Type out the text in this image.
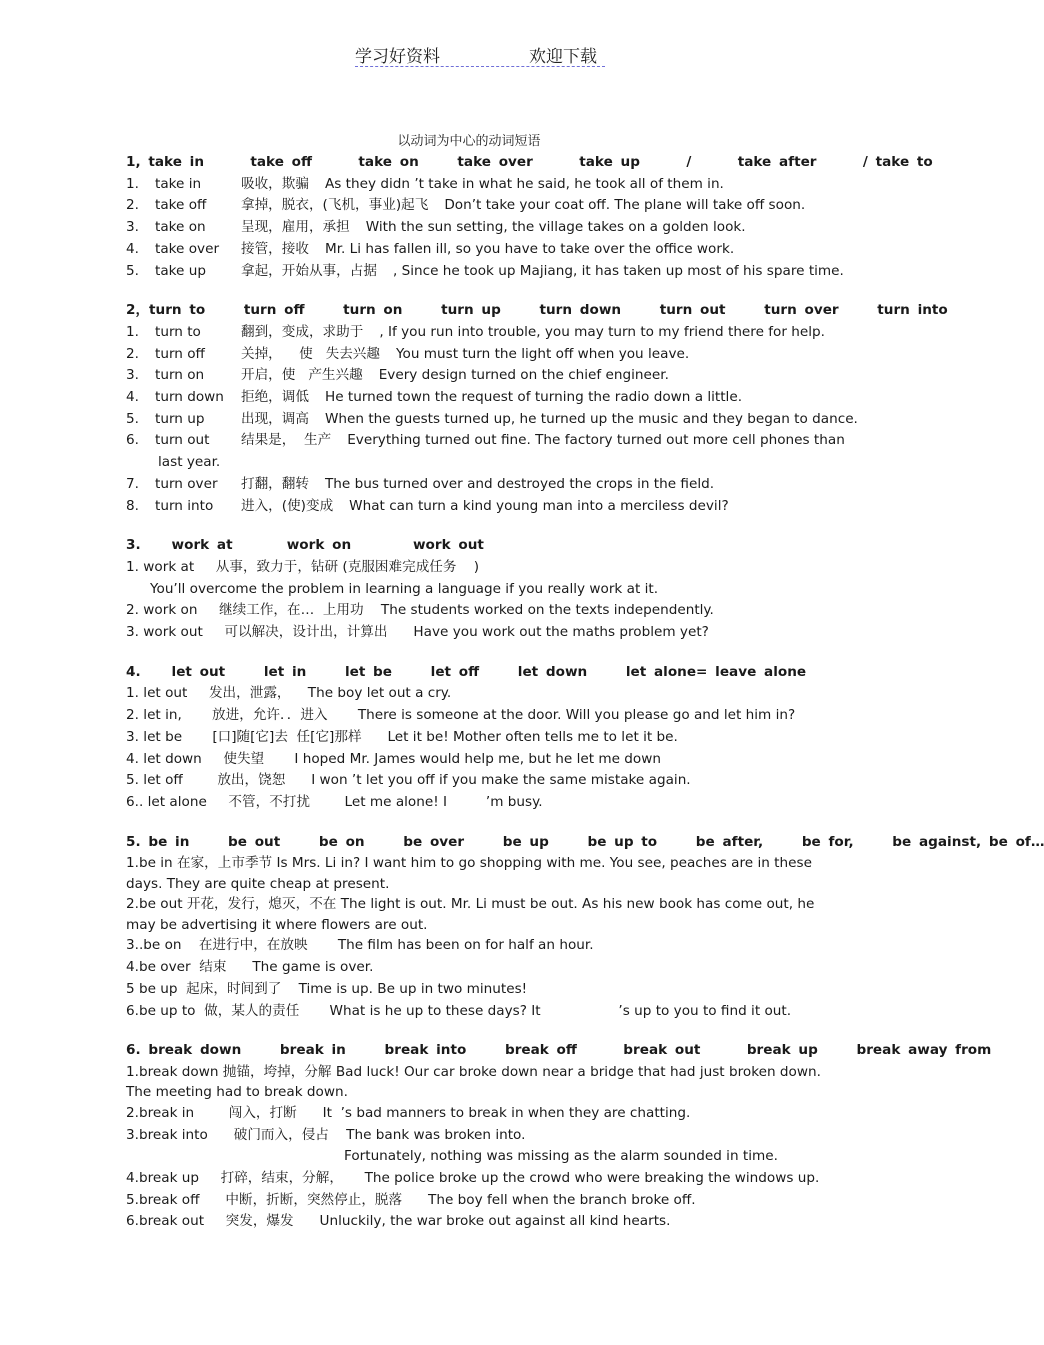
学习好资料	欢迎下载
以动词为中心的动词短语
1, take in      take off      take on     take over      take up      /      take after      / take to
1. take in	吸收，欺骗 As they didn ’t take in what he said, he took all of them in.
2. take off	拿掉，脱衣，(飞机，事业)起飞 Don’t take your coat off. The plane will take off soon.
3. take on	呈现，雇用，承担 With the sun setting, the village takes on a golden look.
4. take over 接管，接收 Mr. Li has fallen ill, so you have to take over the office work.
5. take up	拿起，开始从事，占据 , Since he took up Majiang, it has taken up most of his spare time.
2，turn to     turn off     turn on     turn up     turn down     turn out     turn over     turn into
1. turn to	翻到，变成，求助于 , If you run into trouble, you may turn to my friend there for help.
2. turn off	关掉，    使   失去兴趣 You must turn the light off when you leave.
3. turn on	开启，使   产生兴趣 Every design turned on the chief engineer.
4. turn down 拒绝，调低 He turned town the request of turning the radio down a little.
5. turn up	出现，调高 When the guests turned up, he turned up the music and they began to dance.
6. turn out 结果是，  生产 Everything turned out fine. The factory turned out more cell phones than
last year.
7. turn over 打翻，翻转 The bus turned over and destroyed the crops in the field.
8. turn into 进入，(使)变成 What can turn a kind young man into a merciless devil?
3.    work at       work on        work out
1. work at     从事，致力于，钻研 (克服困难完成任务    )
You’ll overcome the problem in learning a language if you really work at it.
2. work on     继续工作，在…  上用功    The students worked on the texts independently.
3. work out     可以解决，设计出，计算出      Have you work out the maths problem yet?
4.    let out     let in     let be     let off     let down     let alone= leave alone
1. let out     发出，泄露，    The boy let out a cry.
2. let in,       放进，允许．．进入       There is someone at the door. Will you please go and let him in?
3. let be       [口]随[它]去  任[它]那样      Let it be! Mother often tells me to let it be.
4. let down     使失望       I hoped Mr. James would help me, but he let me down
5. let off        放出，饶恕      I won ’t let you off if you make the same mistake again.
6.. let alone     不管，不打扰        Let me alone! I         ’m busy.
5. be in     be out     be on     be over     be up     be up to     be after,     be for,     be against, be of…
1.be in 在家，上市季节 Is Mrs. Li in? I want him to go shopping with me. You see, peaches are in these days. They are quite cheap at present.
2.be out 开花，发行，熄灭，不在 The light is out. Mr. Li must be out. As his new book has come out, he may be advertising it where flowers are out.
3..be on    在进行中，在放映       The film has been on for half an hour.
4.be over  结束      The game is over.
5 be up  起床，时间到了    Time is up. Be up in two minutes!
6.be up to  做，某人的责任       What is he up to these days? It                  ’s up to you to find it out.
6. break down     break in     break into     break off      break out      break up     break away from
1.break down 抛锚，垮掉，分解 Bad luck! Our car broke down near a bridge that had just broken down. The meeting had to break down.
2.break in        闯入，打断      It  ’s bad manners to break in when they are chatting.
3.break into      破门而入，侵占    The bank was broken into.
Fortunately, nothing was missing as the alarm sounded in time.
4.break up     打碎，结束，分解，     The police broke up the crowd who were breaking the windows up.
5.break off      中断，折断，突然停止，脱落      The boy fell when the branch broke off.
6.break out     突发，爆发      Unluckily, the war broke out against all kind hearts.
